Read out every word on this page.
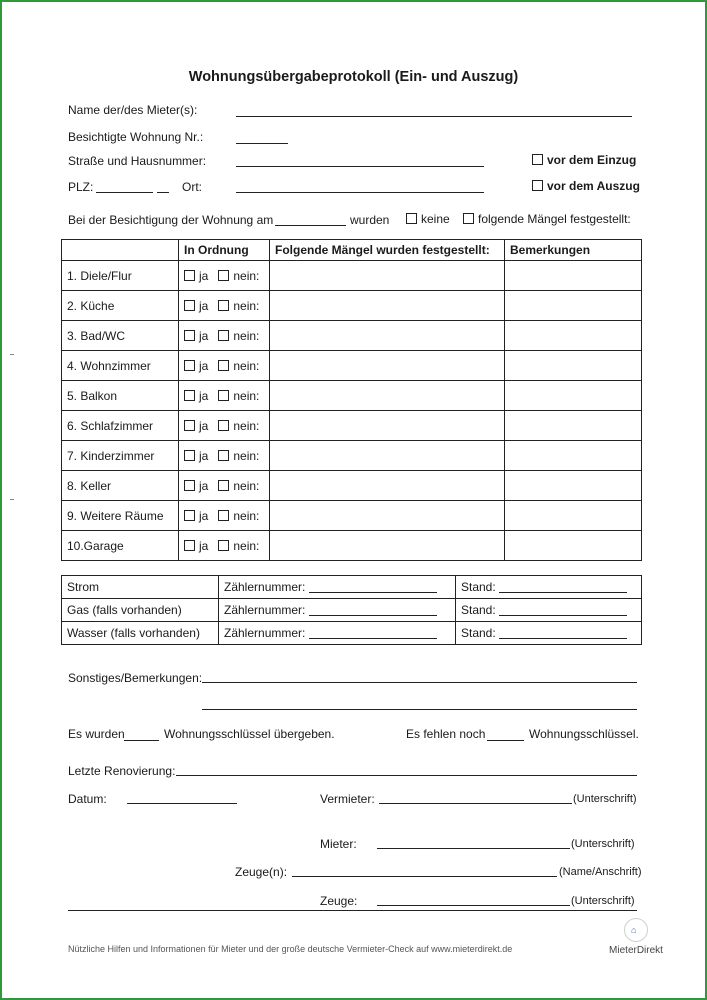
Wohnungsübergabeprotokoll (Ein- und Auszug)
Name der/des Mieter(s):
Besichtigte Wohnung Nr.:
Straße und Hausnummer:	vor dem Einzug
PLZ:	Ort:	vor dem Auszug
Bei der Besichtigung der Wohnung am	wurden	keine	folgende Mängel festgestellt:
	In Ordnung	Folgende Mängel wurden festgestellt:	Bemerkungen
1. Diele/Flur	ja nein:		
2. Küche	ja nein:		
3. Bad/WC	ja nein:		
4. Wohnzimmer	ja nein:		
5. Balkon	ja nein:		
6. Schlafzimmer	ja nein:		
7. Kinderzimmer	ja nein:		
8. Keller	ja nein:		
9. Weitere Räume	ja nein:		
10.Garage	ja nein:		
Strom	Zählernummer:	Stand:
Gas (falls vorhanden)	Zählernummer:	Stand:
Wasser (falls vorhanden)	Zählernummer:	Stand:
Sonstiges/Bemerkungen:
Es wurden	Wohnungsschlüssel übergeben.	Es fehlen noch	Wohnungsschlüssel.
Letzte Renovierung:
Datum:	Vermieter:	(Unterschrift)
Mieter:	(Unterschrift)
Zeuge(n):	(Name/Anschrift)
Zeuge:	(Unterschrift)
Nützliche Hilfen und Informationen für Mieter und der große deutsche Vermieter-Check auf www.mieterdirekt.de
⌂
MieterDirekt
